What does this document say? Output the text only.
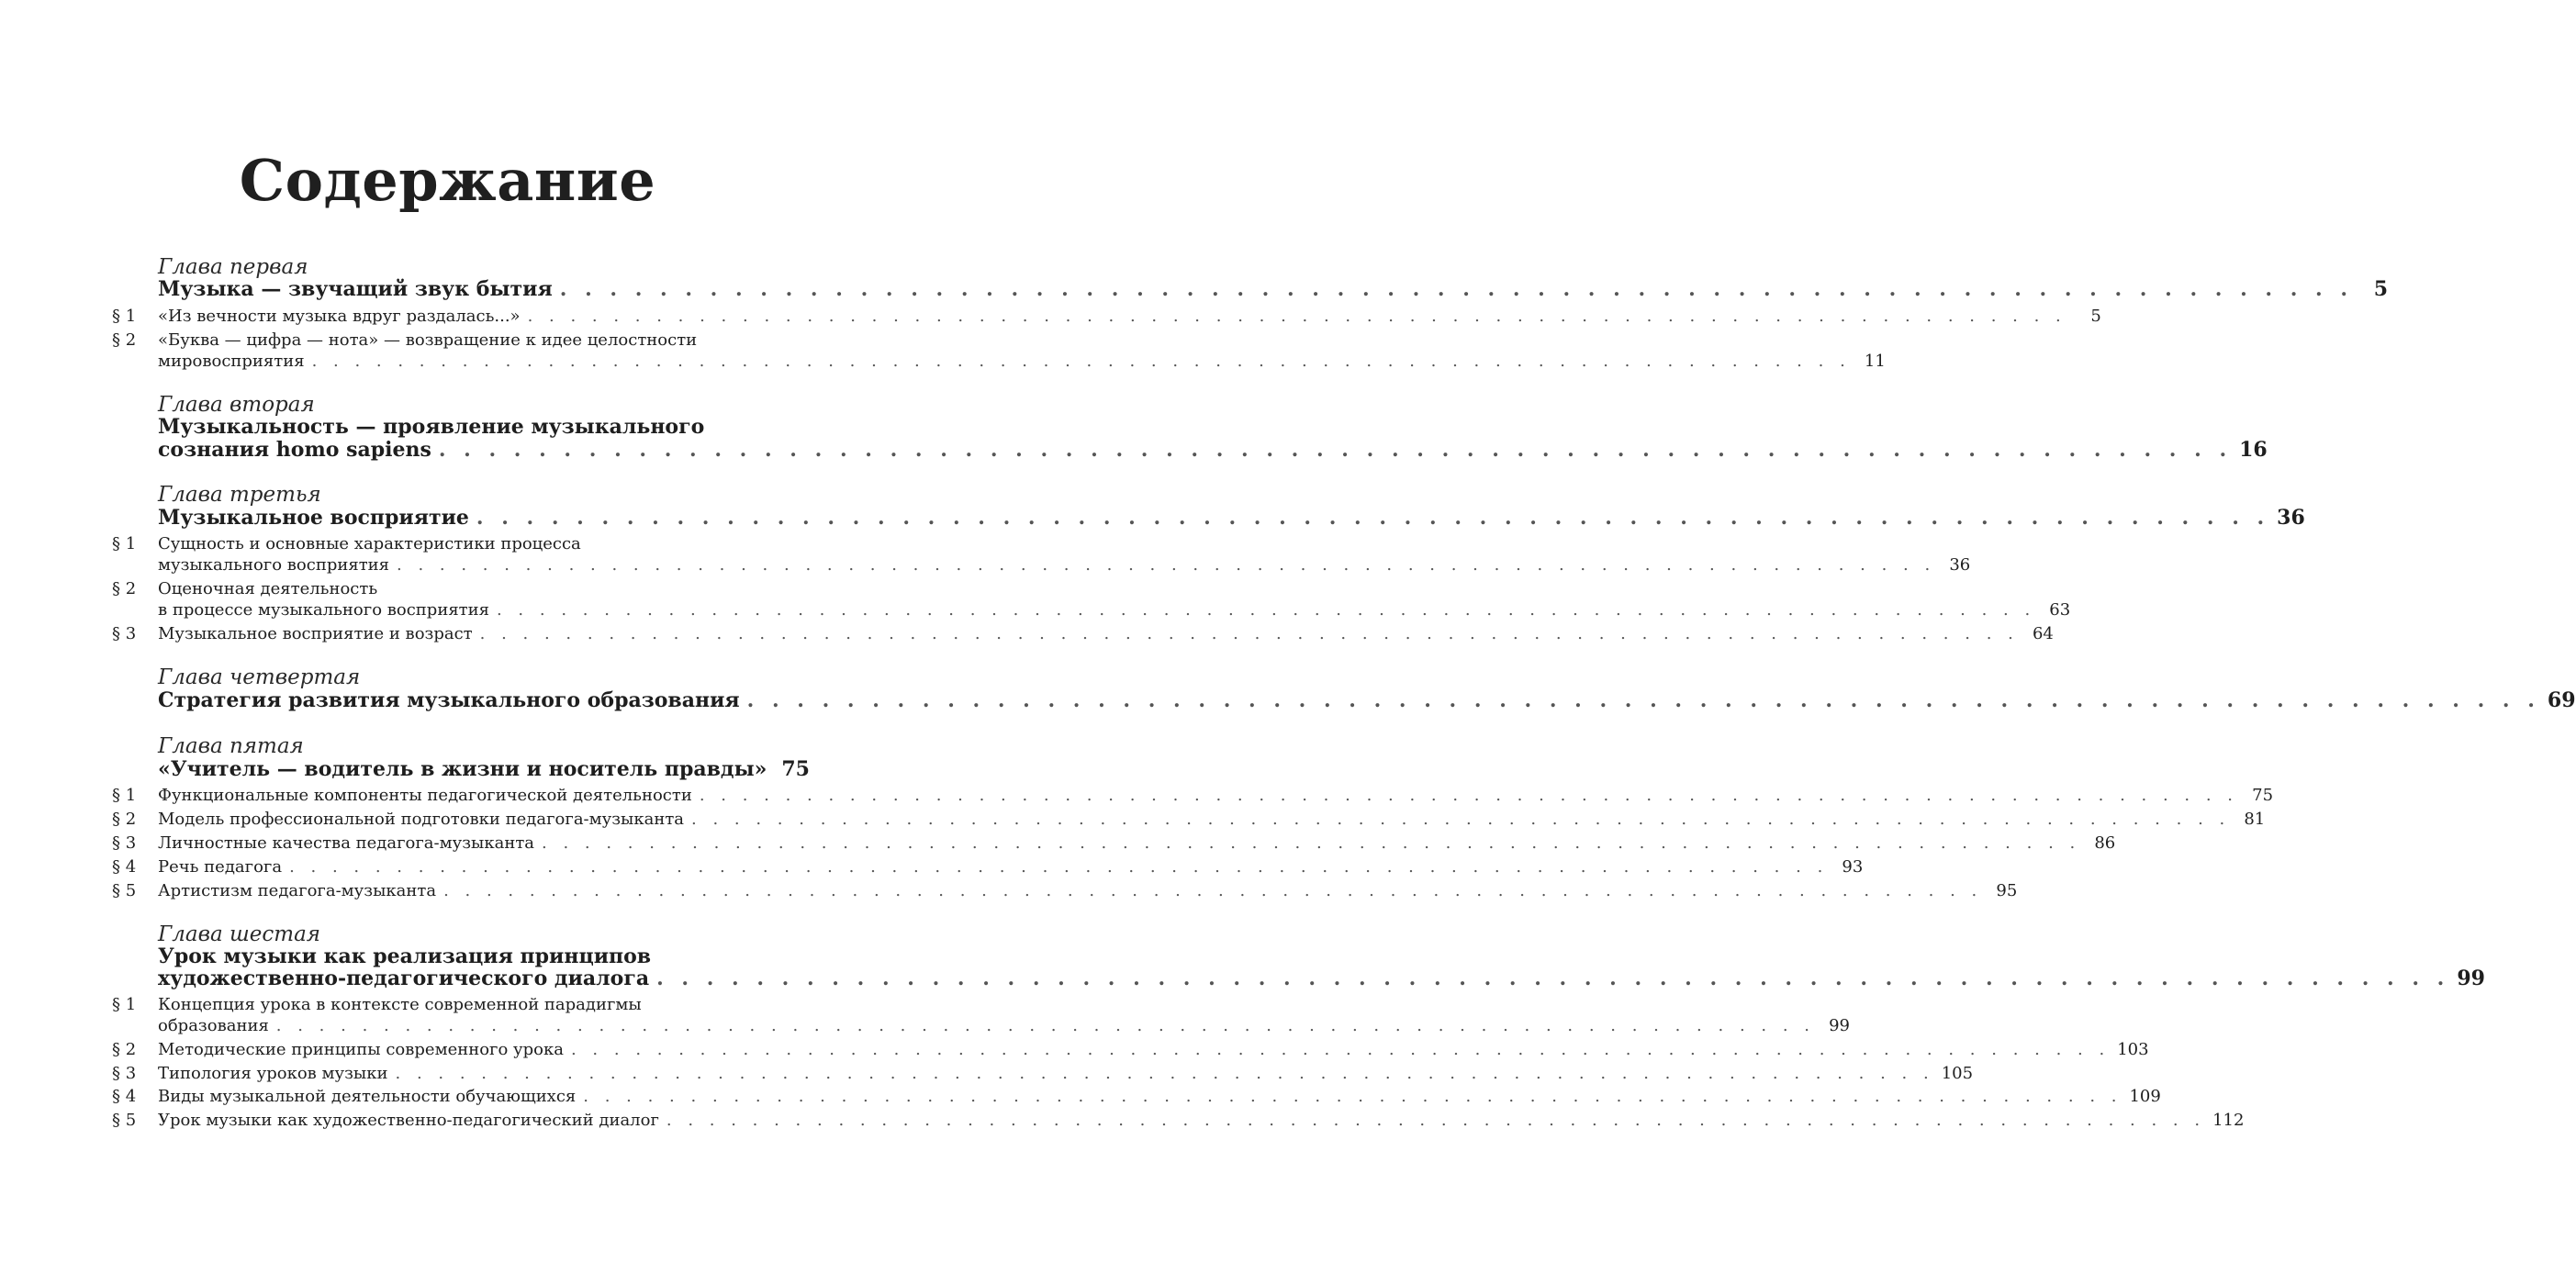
Содержание
Глава первая
Музыка — звучащий звук бытия . . . . . . . . . . . . . . . . . . . . . . . . . . . . . . . . . . . . . . . . . . . . . . . . . . . . . . . . . . . . . . . . . . . . . . . .	5
§ 1 «Из вечности музыка вдруг раздалась...» . . . . . . . . . . . . . . . . . . . . . . . . . . . . . . . . . . . . . . . . . . . . . . . . . . . . . . . . . . . . . . . . . . . . . . . .	5
§ 2 «Буква — цифра — нота» — возвращение к идее целостности
мировосприятия . . . . . . . . . . . . . . . . . . . . . . . . . . . . . . . . . . . . . . . . . . . . . . . . . . . . . . . . . . . . . . . . . . . . . . . . 11
Глава вторая
Музыкальность — проявление музыкального
сознания homo sapiens . . . . . . . . . . . . . . . . . . . . . . . . . . . . . . . . . . . . . . . . . . . . . . . . . . . . . . . . . . . . . . . . . . . . . . . . 16
Глава третья
Музыкальное восприятие . . . . . . . . . . . . . . . . . . . . . . . . . . . . . . . . . . . . . . . . . . . . . . . . . . . . . . . . . . . . . . . . . . . . . . . . 36
§ 1 Сущность и основные характеристики процесса
музыкального восприятия . . . . . . . . . . . . . . . . . . . . . . . . . . . . . . . . . . . . . . . . . . . . . . . . . . . . . . . . . . . . . . . . . . . . . . . . 36
§ 2 Оценочная деятельность
в процессе музыкального восприятия . . . . . . . . . . . . . . . . . . . . . . . . . . . . . . . . . . . . . . . . . . . . . . . . . . . . . . . . . . . . . . . . . . . . . . . . 63
§ 3 Музыкальное восприятие и возраст . . . . . . . . . . . . . . . . . . . . . . . . . . . . . . . . . . . . . . . . . . . . . . . . . . . . . . . . . . . . . . . . . . . . . . . . 64
Глава четвертая
Стратегия развития музыкального образования . . . . . . . . . . . . . . . . . . . . . . . . . . . . . . . . . . . . . . . . . . . . . . . . . . . . . . . . . . . . . . . . . . . . . . . . 69
Глава пятая
«Учитель — водитель в жизни и носитель правды» 75
§ 1 Функциональные компоненты педагогической деятельности . . . . . . . . . . . . . . . . . . . . . . . . . . . . . . . . . . . . . . . . . . . . . . . . . . . . . . . . . . . . . . . . . . . . . . . . 75
§ 2 Модель профессиональной подготовки педагога-музыканта . . . . . . . . . . . . . . . . . . . . . . . . . . . . . . . . . . . . . . . . . . . . . . . . . . . . . . . . . . . . . . . . . . . . . . . . 81
§ 3 Личностные качества педагога-музыканта . . . . . . . . . . . . . . . . . . . . . . . . . . . . . . . . . . . . . . . . . . . . . . . . . . . . . . . . . . . . . . . . . . . . . . . . 86
§ 4 Речь педагога . . . . . . . . . . . . . . . . . . . . . . . . . . . . . . . . . . . . . . . . . . . . . . . . . . . . . . . . . . . . . . . . . . . . . . . . 93
§ 5 Артистизм педагога-музыканта . . . . . . . . . . . . . . . . . . . . . . . . . . . . . . . . . . . . . . . . . . . . . . . . . . . . . . . . . . . . . . . . . . . . . . . . 95
Глава шестая
Урок музыки как реализация принципов
художественно-педагогического диалога . . . . . . . . . . . . . . . . . . . . . . . . . . . . . . . . . . . . . . . . . . . . . . . . . . . . . . . . . . . . . . . . . . . . . . . . 99
§ 1 Концепция урока в контексте современной парадигмы
образования . . . . . . . . . . . . . . . . . . . . . . . . . . . . . . . . . . . . . . . . . . . . . . . . . . . . . . . . . . . . . . . . . . . . . . . . 99
§ 2 Методические принципы современного урока . . . . . . . . . . . . . . . . . . . . . . . . . . . . . . . . . . . . . . . . . . . . . . . . . . . . . . . . . . . . . . . . . . . . . . . . 103
§ 3 Типология уроков музыки . . . . . . . . . . . . . . . . . . . . . . . . . . . . . . . . . . . . . . . . . . . . . . . . . . . . . . . . . . . . . . . . . . . . . . . . 105
§ 4 Виды музыкальной деятельности обучающихся . . . . . . . . . . . . . . . . . . . . . . . . . . . . . . . . . . . . . . . . . . . . . . . . . . . . . . . . . . . . . . . . . . . . . . . . 109
§ 5 Урок музыки как художественно-педагогический диалог . . . . . . . . . . . . . . . . . . . . . . . . . . . . . . . . . . . . . . . . . . . . . . . . . . . . . . . . . . . . . . . . . . . . . . . . 112
